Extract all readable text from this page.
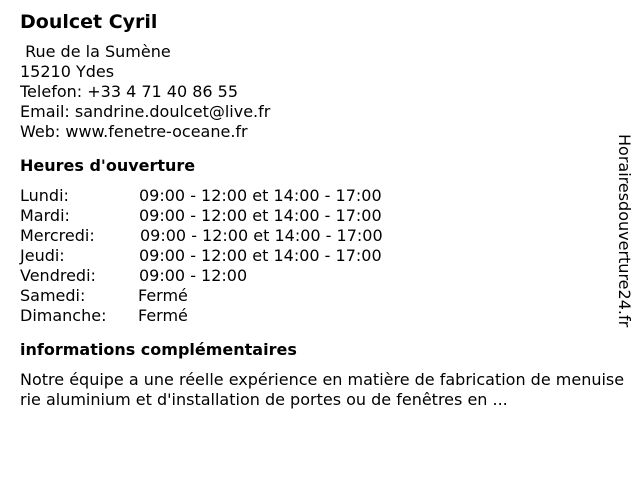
Doulcet Cyril
Rue de la Sumène
15210 Ydes
Telefon: +33 4 71 40 86 55
Email: sandrine.doulcet@live.fr
Web: www.fenetre-oceane.fr
Heures d'ouverture
Lundi:	09:00 - 12:00 et 14:00 - 17:00
Mardi:	09:00 - 12:00 et 14:00 - 17:00
Mercredi:	09:00 - 12:00 et 14:00 - 17:00
Jeudi:	09:00 - 12:00 et 14:00 - 17:00
Vendredi:	09:00 - 12:00
Samedi:	Fermé
Dimanche:	Fermé
informations complémentaires
Notre équipe a une réelle expérience en matière de fabrication de menuiserie aluminium et d'installation de portes ou de fenêtres en ...
Horairesdouverture24.fr
